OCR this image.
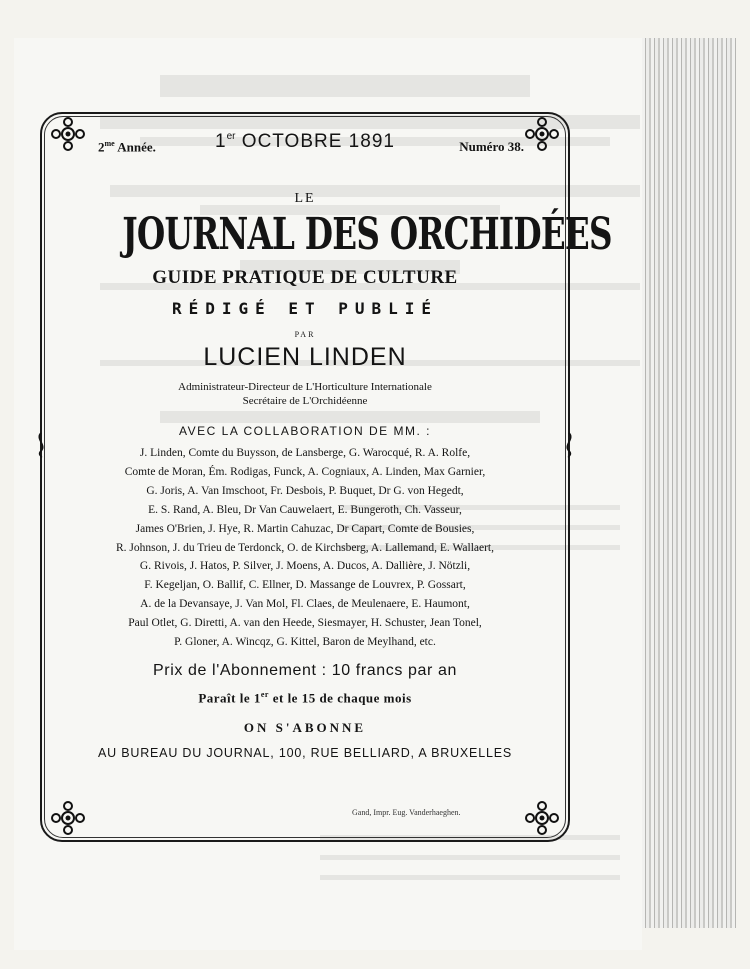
$2^{me}$ Année.	1er OCTOBRE 1891	Numéro 38.
LE
JOURNAL DES ORCHIDÉES
GUIDE PRATIQUE DE CULTURE
RÉDIGÉ ET PUBLIÉ
PAR
LUCIEN LINDEN
Administrateur-Directeur de L'Horticulture Internationale
Secrétaire de L'Orchidéenne
AVEC LA COLLABORATION DE MM. :
J. Linden, Comte du Buysson, de Lansberge, G. Warocqué, R. A. Rolfe,
Comte de Moran, Ém. Rodigas, Funck, A. Cogniaux, A. Linden, Max Garnier,
G. Joris, A. Van Imschoot, Fr. Desbois, P. Buquet, Dr G. von Hegedt,
E. S. Rand, A. Bleu, Dr Van Cauwelaert, E. Bungeroth, Ch. Vasseur,
James O'Brien, J. Hye, R. Martin Cahuzac, Dr Capart, Comte de Bousies,
R. Johnson, J. du Trieu de Terdonck, O. de Kirchsberg, A. Lallemand, E. Wallaert,
G. Rivois, J. Hatos, P. Silver, J. Moens, A. Ducos, A. Dallière, J. Nötzli,
F. Kegeljan, O. Ballif, C. Ellner, D. Massange de Louvrex, P. Gossart,
A. de la Devansaye, J. Van Mol, Fl. Claes, de Meulenaere, E. Haumont,
Paul Otlet, G. Diretti, A. van den Heede, Siesmayer, H. Schuster, Jean Tonel,
P. Gloner, A. Wincqz, G. Kittel, Baron de Meylhand, etc.
Prix de l'Abonnement : 10 francs par an
Paraît le 1er et le 15 de chaque mois
ON S'ABONNE
AU BUREAU DU JOURNAL, 100, RUE BELLIARD, A BRUXELLES
Gand, Impr. Eug. Vanderhaeghen.
